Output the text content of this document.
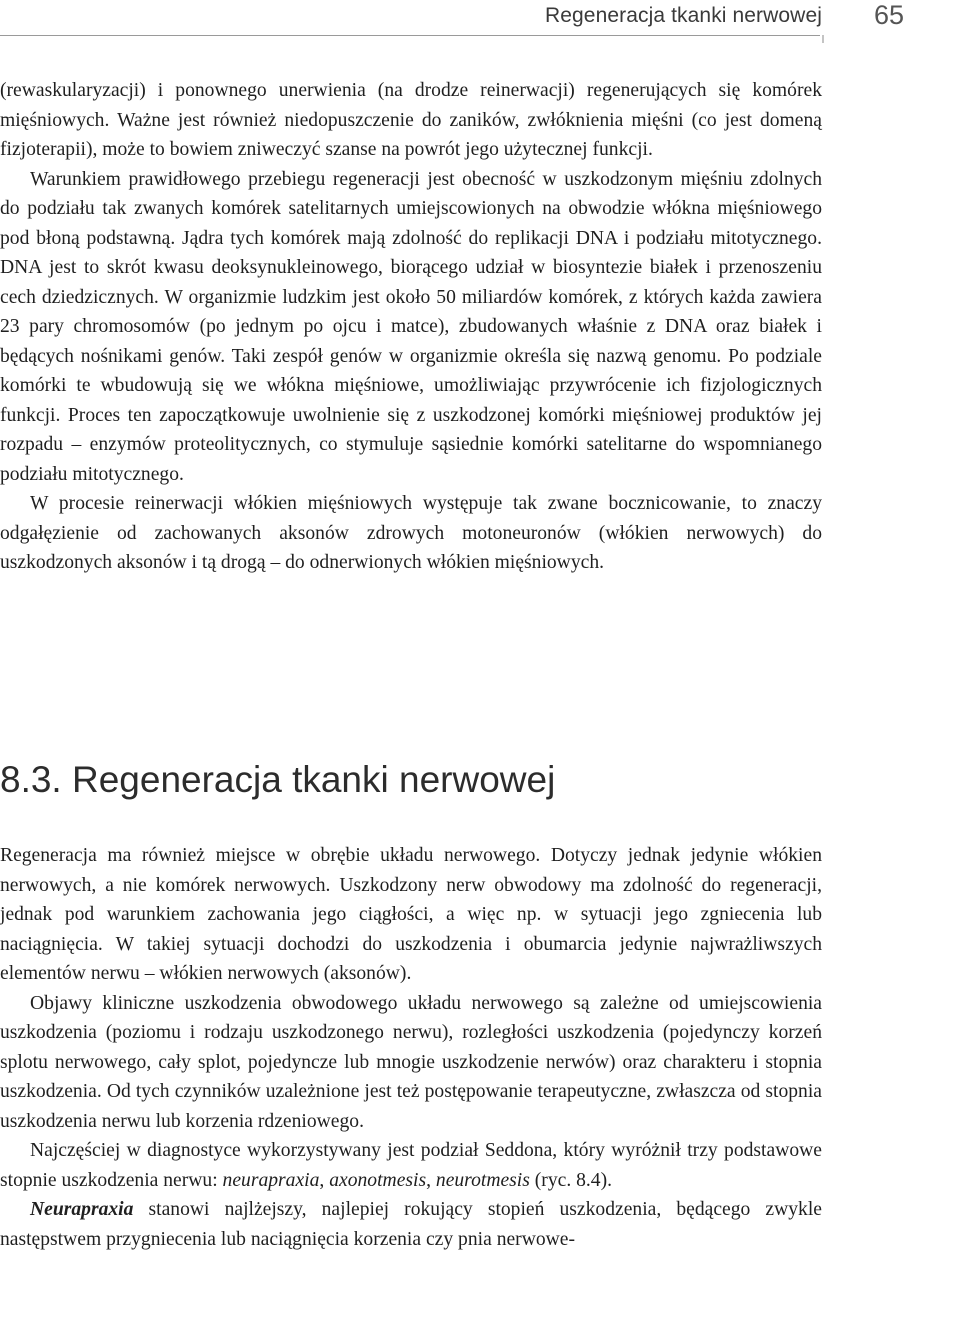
Regeneracja tkanki nerwowej 65

(rewaskularyzacji) i ponownego unerwienia (na drodze reinerwacji) regenerujących się komórek mięśniowych. Ważne jest również niedopuszczenie do zaników, zwłóknienia mięśni (co jest domeną fizjoterapii), może to bowiem zniweczyć szanse na powrót jego użytecznej funkcji.

Warunkiem prawidłowego przebiegu regeneracji jest obecność w uszkodzonym mięśniu zdolnych do podziału tak zwanych komórek satelitarnych umiejscowionych na obwodzie włókna mięśniowego pod błoną podstawną. Jądra tych komórek mają zdolność do replikacji DNA i podziału mitotycznego. DNA jest to skrót kwasu deoksynukleinowego, biorącego udział w biosyntezie białek i przenoszeniu cech dziedzicznych. W organizmie ludzkim jest około 50 miliardów komórek, z których każda zawiera 23 pary chromosomów (po jednym po ojcu i matce), zbudowanych właśnie z DNA oraz białek i będących nośnikami genów. Taki zespół genów w organizmie określa się nazwą genomu. Po podziale komórki te wbudowują się we włókna mięśniowe, umożliwiając przywrócenie ich fizjologicznych funkcji. Proces ten zapoczątkowuje uwolnienie się z uszkodzonej komórki mięśniowej produktów jej rozpadu – enzymów proteolitycznych, co stymuluje sąsiednie komórki satelitarne do wspomnianego podziału mitotycznego.

W procesie reinerwacji włókien mięśniowych występuje tak zwane bocznicowanie, to znaczy odgałęzienie od zachowanych aksonów zdrowych motoneuronów (włókien nerwowych) do uszkodzonych aksonów i tą drogą – do odnerwionych włókien mięśniowych.

8.3. Regeneracja tkanki nerwowej

Regeneracja ma również miejsce w obrębie układu nerwowego. Dotyczy jednak jedynie włókien nerwowych, a nie komórek nerwowych. Uszkodzony nerw obwodowy ma zdolność do regeneracji, jednak pod warunkiem zachowania jego ciągłości, a więc np. w sytuacji jego zgniecenia lub naciągnięcia. W takiej sytuacji dochodzi do uszkodzenia i obumarcia jedynie najwrażliwszych elementów nerwu – włókien nerwowych (aksonów).

Objawy kliniczne uszkodzenia obwodowego układu nerwowego są zależne od umiejscowienia uszkodzenia (poziomu i rodzaju uszkodzonego nerwu), rozległości uszkodzenia (pojedynczy korzeń splotu nerwowego, cały splot, pojedyncze lub mnogie uszkodzenie nerwów) oraz charakteru i stopnia uszkodzenia. Od tych czynników uzależnione jest też postępowanie terapeutyczne, zwłaszcza od stopnia uszkodzenia nerwu lub korzenia rdzeniowego.

Najczęściej w diagnostyce wykorzystywany jest podział Seddona, który wyróżnił trzy podstawowe stopnie uszkodzenia nerwu: neurapraxia, axonotmesis, neurotmesis (ryc. 8.4).

Neurapraxia stanowi najlżejszy, najlepiej rokujący stopień uszkodzenia, będącego zwykle następstwem przygniecenia lub naciągnięcia korzenia czy pnia nerwowe-
